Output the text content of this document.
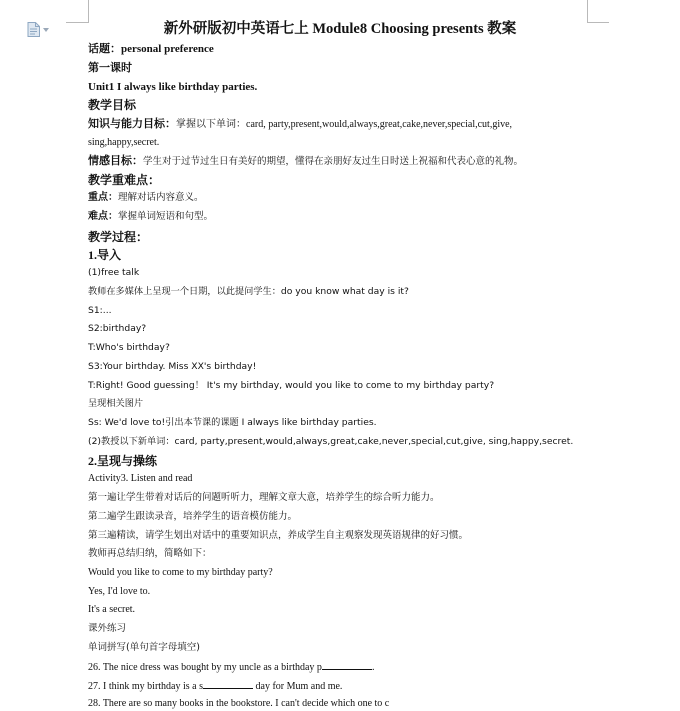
新外研版初中英语七上 Module8 Choosing presents 教案
话题：personal preference
第一课时
Unit1 I always like birthday parties.
教学目标
知识与能力目标：掌握以下单词：card, party,present,would,always,great,cake,never,special,cut,give, sing,happy,secret.
情感目标：学生对于过节过生日有美好的期望，懂得在亲朋好友过生日时送上祝福和代表心意的礼物。
教学重难点：
重点：理解对话内容意义。
难点：掌握单词短语和句型。
教学过程：
1.导入
(1)free talk
教师在多媒体上呈现一个日期，以此提问学生：do you know what day is it?
S1:...
S2:birthday?
T:Who's birthday?
S3:Your birthday. Miss XX's birthday!
T:Right! Good guessing！ It's my birthday, would you like to come to my birthday party?
呈现相关图片
Ss: We'd love to!引出本节课的课题 I always like birthday parties.
(2)教授以下新单词：card, party,present,would,always,great,cake,never,special,cut,give, sing,happy,secret.
2.呈现与操练
Activity3. Listen and read
第一遍让学生带着对话后的问题听听力，理解文章大意，培养学生的综合听力能力。
第二遍学生跟读录音，培养学生的语音模仿能力。
第三遍精读，请学生划出对话中的重要知识点，养成学生自主观察发现英语规律的好习惯。
教师再总结归纳，简略如下：
Would you like to come to my birthday party?
Yes, I'd love to.
It's a secret.
课外练习
单词拼写(单句首字母填空)
26. The nice dress was bought by my uncle as a birthday p	.
27. I think my birthday is a s	day for Mum and me.
28. There are so many books in the bookstore. I can't decide which one to c
